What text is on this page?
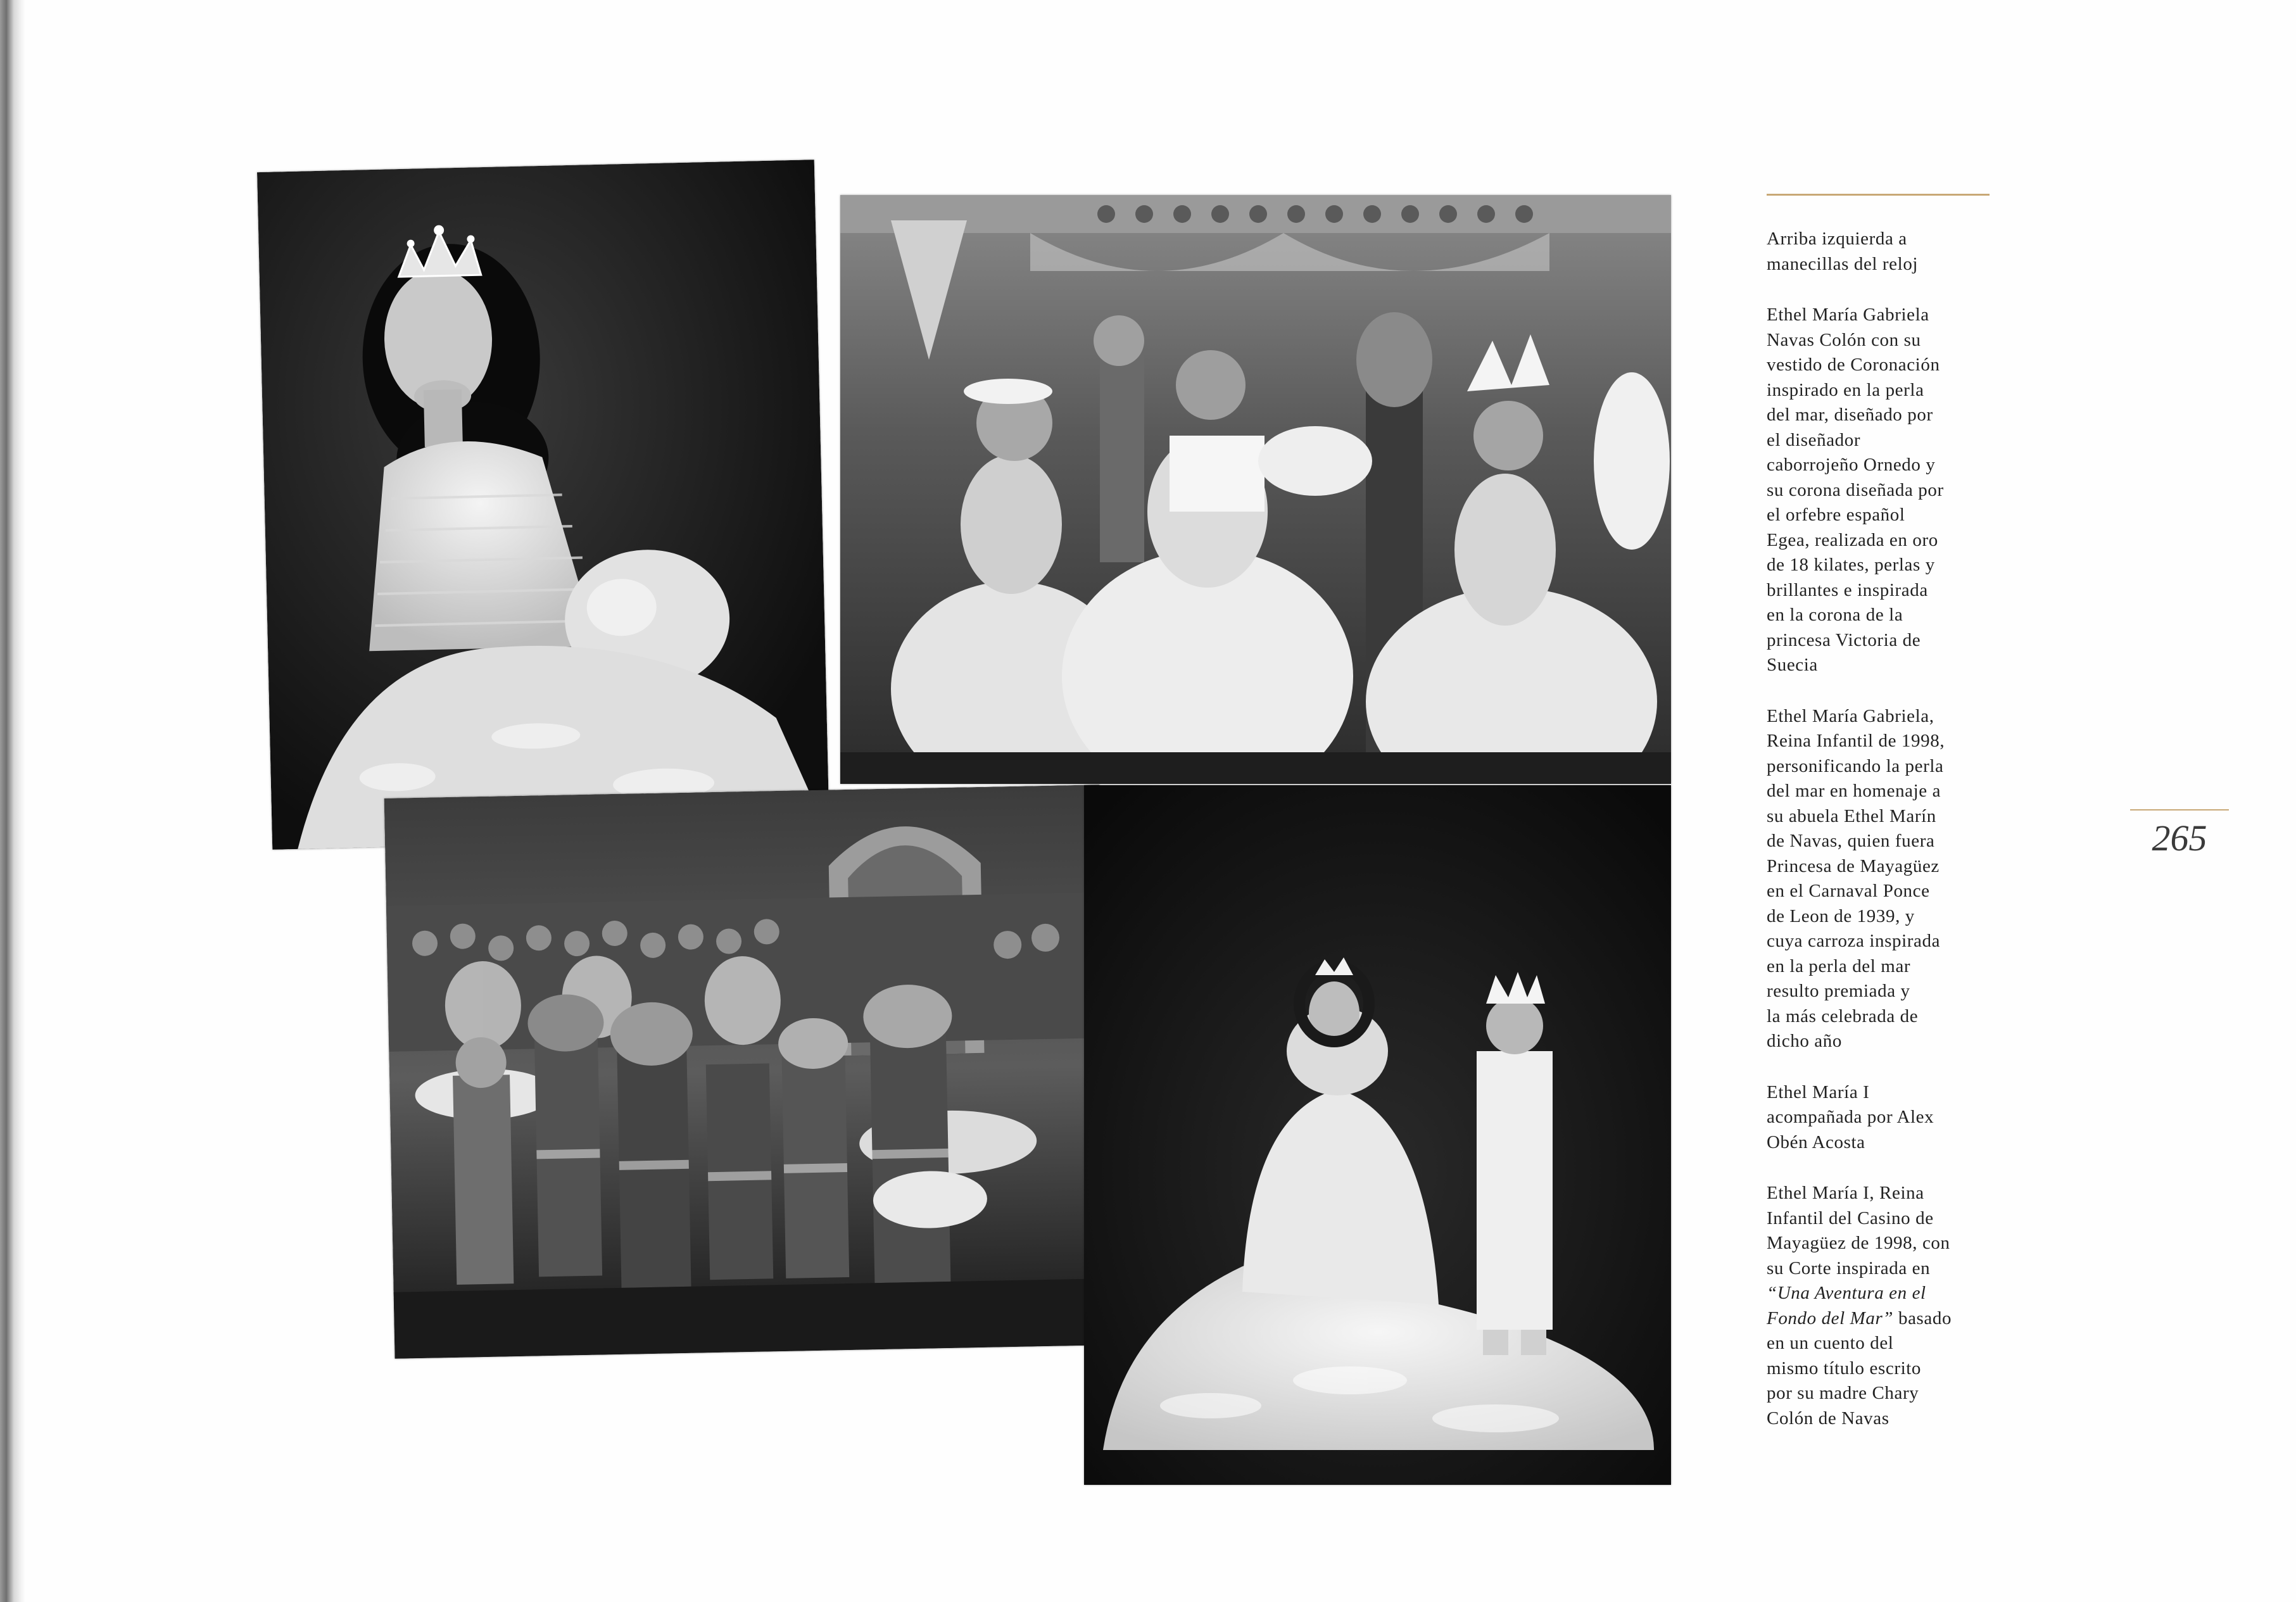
Arriba izquierda a
manecillas del reloj

Ethel María Gabriela
Navas Colón con su
vestido de Coronación
inspirado en la perla
del mar, diseñado por
el diseñador
caborrojeño Ornedo y
su corona diseñada por
el orfebre español
Egea, realizada en oro
de 18 kilates, perlas y
brillantes e inspirada
en la corona de la
princesa Victoria de
Suecia

Ethel María Gabriela,
Reina Infantil de 1998,
personificando la perla
del mar en homenaje a
su abuela Ethel Marín
de Navas, quien fuera
Princesa de Mayagüez
en el Carnaval Ponce
de Leon de 1939, y
cuya carroza inspirada
en la perla del mar
resulto premiada y
la más celebrada de
dicho año

Ethel María I
acompañada por Alex
Obén Acosta

Ethel María I, Reina
Infantil del Casino de
Mayagüez de 1998, con
su Corte inspirada en
“Una Aventura en el
Fondo del Mar” basado
en un cuento del
mismo título escrito
por su madre Chary
Colón de Navas

265
